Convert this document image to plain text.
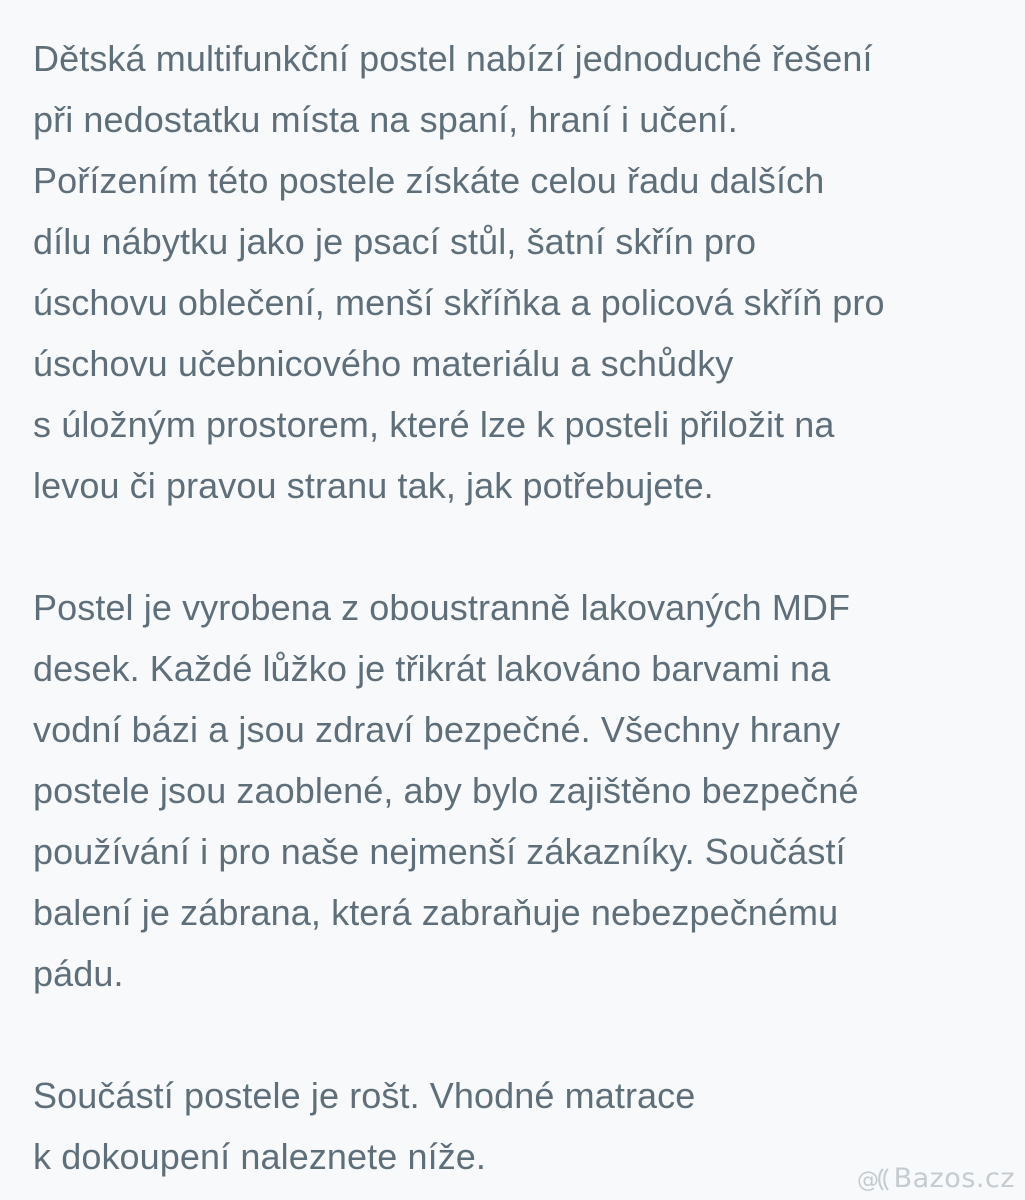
Dětská multifunkční postel nabízí jednoduché řešení
při nedostatku místa na spaní, hraní i učení.
Pořízením této postele získáte celou řadu dalších
dílu nábytku jako je psací stůl, šatní skřín pro
úschovu oblečení, menší skříňka a policová skříň pro
úschovu učebnicového materiálu a schůdky
s úložným prostorem, které lze k posteli přiložit na
levou či pravou stranu tak, jak potřebujete.

Postel je vyrobena z oboustranně lakovaných MDF
desek. Každé lůžko je třikrát lakováno barvami na
vodní bázi a jsou zdraví bezpečné. Všechny hrany
postele jsou zaoblené, aby bylo zajištěno bezpečné
používání i pro naše nejmenší zákazníky. Součástí
balení je zábrana, která zabraňuje nebezpečnému
pádu.

Součástí postele je rošt. Vhodné matrace
k dokoupení naleznete níže.

@ Bazos.cz
